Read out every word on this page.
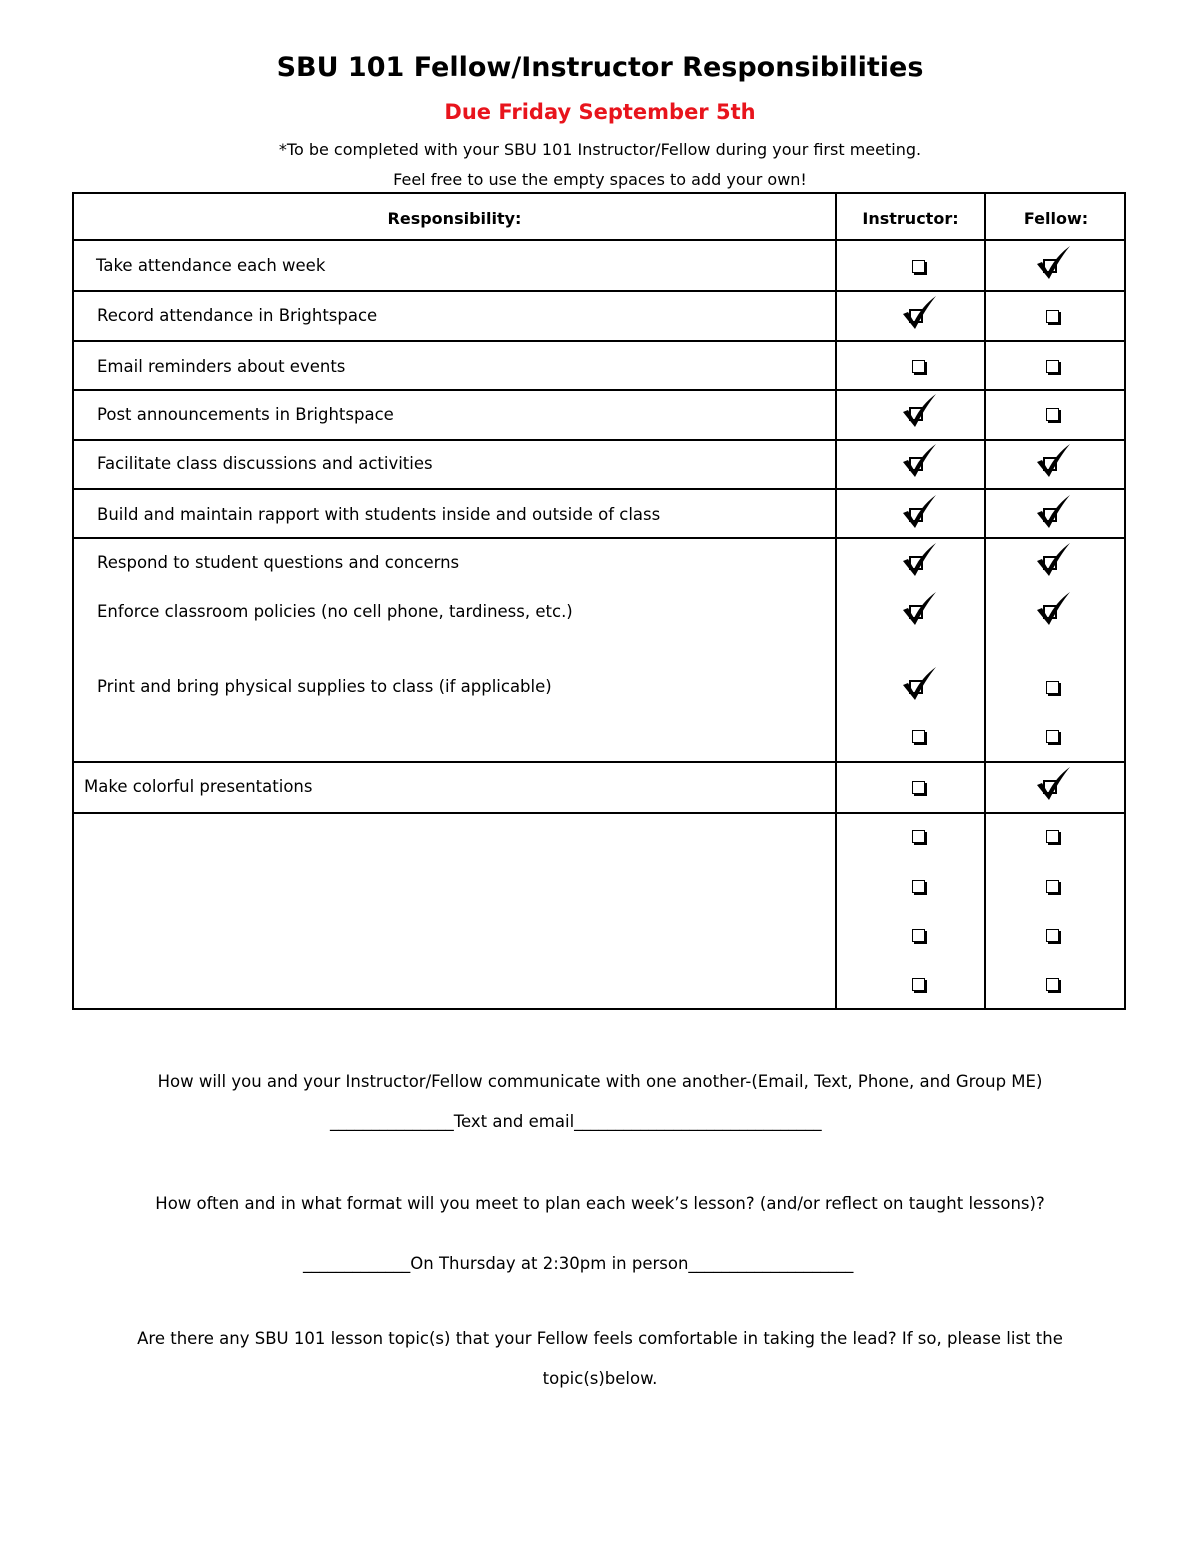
SBU 101 Fellow/Instructor Responsibilities
Due Friday September 5th
*To be completed with your SBU 101 Instructor/Fellow during your first meeting.
Feel free to use the empty spaces to add your own!
Responsibility:	Instructor:	Fellow:
Take attendance each week
Record attendance in Brightspace
Email reminders about events
Post announcements in Brightspace
Facilitate class discussions and activities
Build and maintain rapport with students inside and outside of class
Respond to student questions and concerns
Enforce classroom policies (no cell phone, tardiness, etc.)
Print and bring physical supplies to class (if applicable)
Make colorful presentations
How will you and your Instructor/Fellow communicate with one another-(Email, Text, Phone, and Group ME)
_______________Text and email______________________________
How often and in what format will you meet to plan each week’s lesson? (and/or reflect on taught lessons)?
_____________On Thursday at 2:30pm in person____________________
Are there any SBU 101 lesson topic(s) that your Fellow feels comfortable in taking the lead? If so, please list the
topic(s)below.
